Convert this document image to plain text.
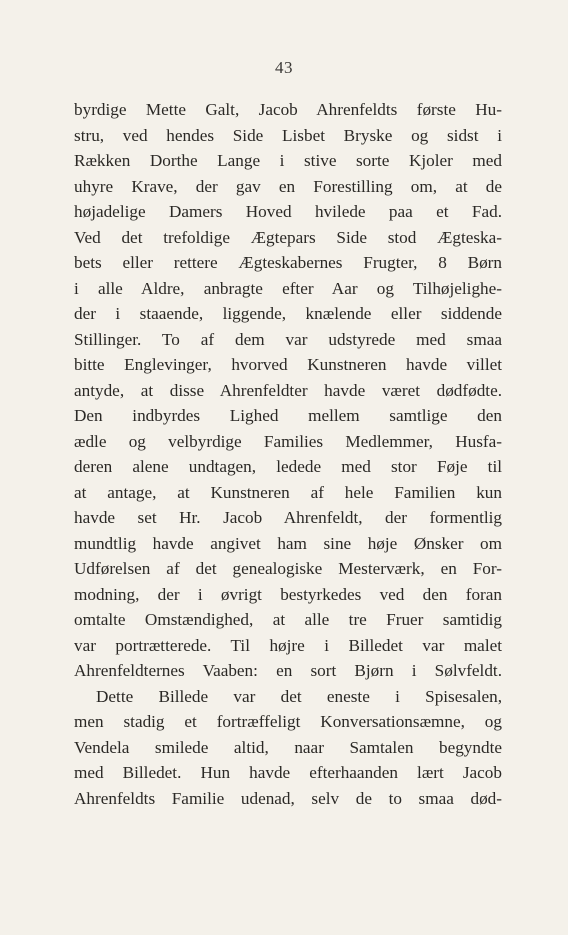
43
byrdige Mette Galt, Jacob Ahrenfeldts første Hu-
stru, ved hendes Side Lisbet Bryske og sidst i
Rækken Dorthe Lange i stive sorte Kjoler med
uhyre Krave, der gav en Forestilling om, at de
højadelige Damers Hoved hvilede paa et Fad.
Ved det trefoldige Ægtepars Side stod Ægteska-
bets eller rettere Ægteskabernes Frugter, 8 Børn
i alle Aldre, anbragte efter Aar og Tilhøjelighe-
der i staaende, liggende, knælende eller siddende
Stillinger. To af dem var udstyrede med smaa
bitte Englevinger, hvorved Kunstneren havde villet
antyde, at disse Ahrenfeldter havde været dødfødte.
Den indbyrdes Lighed mellem samtlige den
ædle og velbyrdige Families Medlemmer, Husfa-
deren alene undtagen, ledede med stor Føje til
at antage, at Kunstneren af hele Familien kun
havde set Hr. Jacob Ahrenfeldt, der formentlig
mundtlig havde angivet ham sine høje Ønsker om
Udførelsen af det genealogiske Mesterværk, en For-
modning, der i øvrigt bestyrkedes ved den foran
omtalte Omstændighed, at alle tre Fruer samtidig
var portrætterede. Til højre i Billedet var malet
Ahrenfeldternes Vaaben: en sort Bjørn i Sølvfeldt.
Dette Billede var det eneste i Spisesalen,
men stadig et fortræffeligt Konversationsæmne, og
Vendela smilede altid, naar Samtalen begyndte
med Billedet. Hun havde efterhaanden lært Jacob
Ahrenfeldts Familie udenad, selv de to smaa død-
